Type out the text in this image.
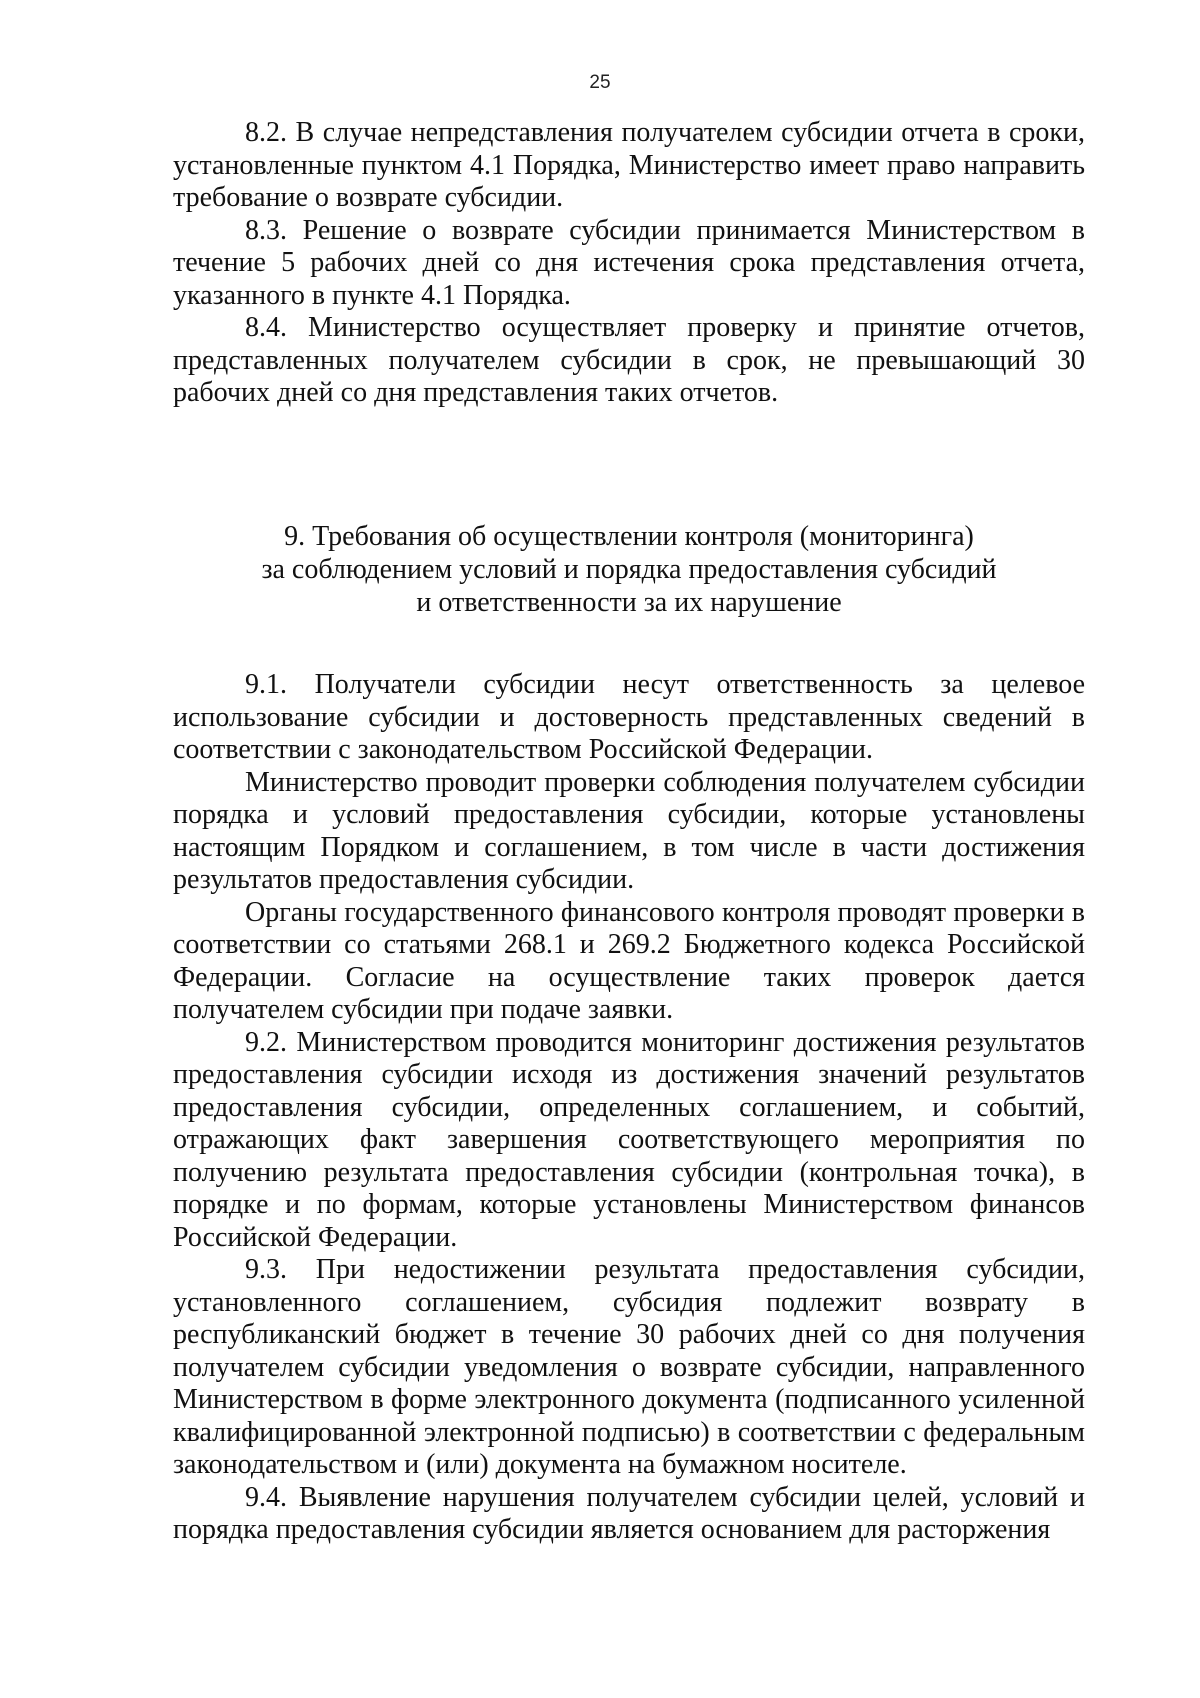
25

8.2. В случае непредставления получателем субсидии отчета в сроки, установленные пунктом 4.1 Порядка, Министерство имеет право направить требование о возврате субсидии.

8.3. Решение о возврате субсидии принимается Министерством в течение 5 рабочих дней со дня истечения срока представления отчета, указанного в пункте 4.1 Порядка.

8.4. Министерство осуществляет проверку и принятие отчетов, представленных получателем субсидии в срок, не превышающий 30 рабочих дней со дня представления таких отчетов.

9. Требования об осуществлении контроля (мониторинга)
за соблюдением условий и порядка предоставления субсидий
и ответственности за их нарушение

9.1. Получатели субсидии несут ответственность за целевое использование субсидии и достоверность представленных сведений в соответствии с законодательством Российской Федерации.

Министерство проводит проверки соблюдения получателем субсидии порядка и условий предоставления субсидии, которые установлены настоящим Порядком и соглашением, в том числе в части достижения результатов предоставления субсидии.

Органы государственного финансового контроля проводят проверки в соответствии со статьями 268.1 и 269.2 Бюджетного кодекса Российской Федерации. Согласие на осуществление таких проверок дается получателем субсидии при подаче заявки.

9.2. Министерством проводится мониторинг достижения результатов предоставления субсидии исходя из достижения значений результатов предоставления субсидии, определенных соглашением, и событий, отражающих факт завершения соответствующего мероприятия по получению результата предоставления субсидии (контрольная точка), в порядке и по формам, которые установлены Министерством финансов Российской Федерации.

9.3. При недостижении результата предоставления субсидии, установленного соглашением, субсидия подлежит возврату в республиканский бюджет в течение 30 рабочих дней со дня получения получателем субсидии уведомления о возврате субсидии, направленного Министерством в форме электронного документа (подписанного усиленной квалифицированной электронной подписью) в соответствии с федеральным законодательством и (или) документа на бумажном носителе.

9.4. Выявление нарушения получателем субсидии целей, условий и порядка предоставления субсидии является основанием для расторжения
